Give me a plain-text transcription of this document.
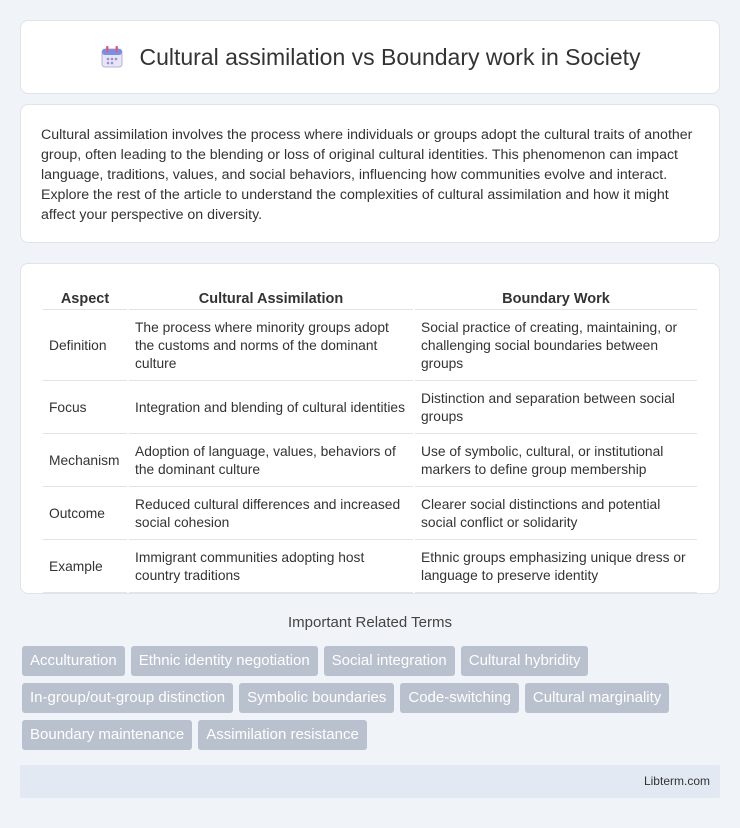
Cultural assimilation vs Boundary work in Society

Cultural assimilation involves the process where individuals or groups adopt the cultural traits of another group, often leading to the blending or loss of original cultural identities. This phenomenon can impact language, traditions, values, and social behaviors, influencing how communities evolve and interact. Explore the rest of the article to understand the complexities of cultural assimilation and how it might affect your perspective on diversity.

Aspect	Cultural Assimilation	Boundary Work
Definition	The process where minority groups adopt the customs and norms of the dominant culture	Social practice of creating, maintaining, or challenging social boundaries between groups
Focus	Integration and blending of cultural identities	Distinction and separation between social groups
Mechanism	Adoption of language, values, behaviors of the dominant culture	Use of symbolic, cultural, or institutional markers to define group membership
Outcome	Reduced cultural differences and increased social cohesion	Clearer social distinctions and potential social conflict or solidarity
Example	Immigrant communities adopting host country traditions	Ethnic groups emphasizing unique dress or language to preserve identity
Important Related Terms
Acculturation	Ethnic identity negotiation	Social integration	Cultural hybridity
In-group/out-group distinction	Symbolic boundaries	Code-switching	Cultural marginality
Boundary maintenance	Assimilation resistance
Libterm.com
